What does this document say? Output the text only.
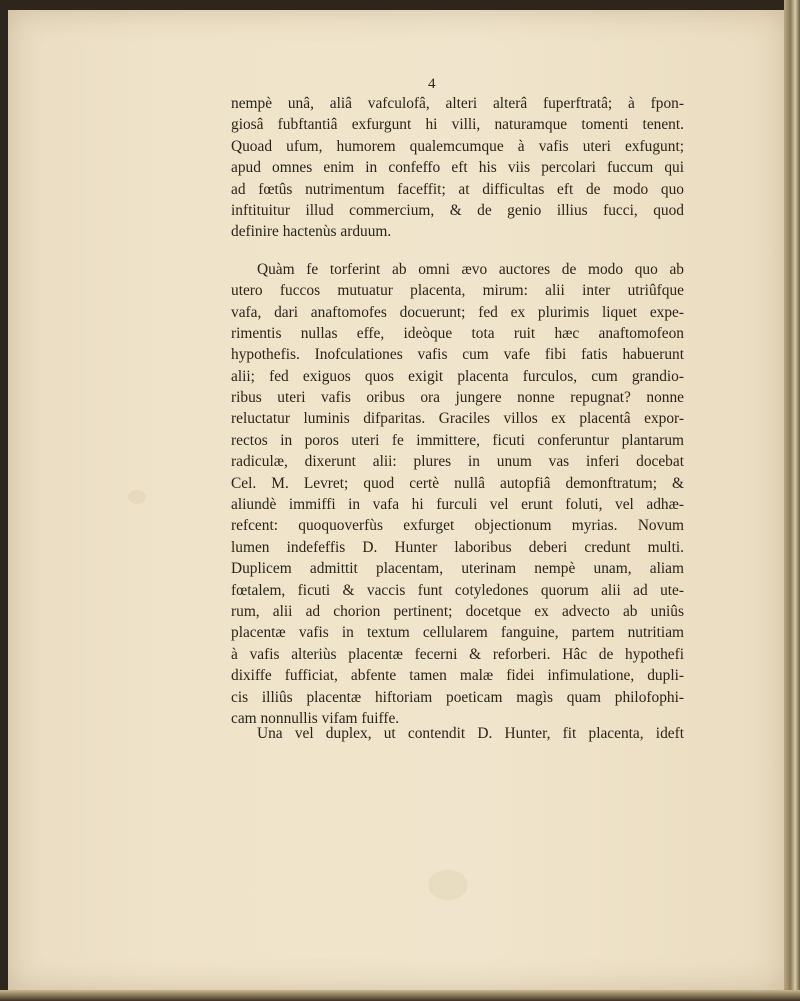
4
nempè unâ, aliâ vafculofâ, alteri alterâ fuperftratâ; à fpon-
giosâ fubftantiâ exfurgunt hi villi, naturamque tomenti tenent.
Quoad ufum, humorem qualemcumque à vafis uteri exfugunt;
apud omnes enim in confeffo eft his viis percolari fuccum qui
ad fœtûs nutrimentum faceffit; at difficultas eft de modo quo
inftituitur illud commercium, & de genio illius fucci, quod
definire hactenùs arduum.
Quàm fe torferint ab omni ævo auctores de modo quo ab
utero fuccos mutuatur placenta, mirum: alii inter utriûfque
vafa, dari anaftomofes docuerunt; fed ex plurimis liquet expe-
rimentis nullas effe, ideòque tota ruit hæc anaftomofeon
hypothefis. Inofculationes vafis cum vafe fibi fatis habuerunt
alii; fed exiguos quos exigit placenta furculos, cum grandio-
ribus uteri vafis oribus ora jungere nonne repugnat? nonne
reluctatur luminis difparitas. Graciles villos ex placentâ expor-
rectos in poros uteri fe immittere, ficuti conferuntur plantarum
radiculæ, dixerunt alii: plures in unum vas inferi docebat
Cel. M. Levret; quod certè nullâ autopfiâ demonftratum; &
aliundè immiffi in vafa hi furculi vel erunt foluti, vel adhæ-
refcent: quoquoverfùs exfurget objectionum myrias. Novum
lumen indefeffis D. Hunter laboribus deberi credunt multi.
Duplicem admittit placentam, uterinam nempè unam, aliam
fœtalem, ficuti & vaccis funt cotyledones quorum alii ad ute-
rum, alii ad chorion pertinent; docetque ex advecto ab uniûs
placentæ vafis in textum cellularem fanguine, partem nutritiam
à vafis alteriùs placentæ fecerni & reforberi. Hâc de hypothefi
dixiffe fufficiat, abfente tamen malæ fidei infimulatione, dupli-
cis illiûs placentæ hiftoriam poeticam magìs quam philofophi-
cam nonnullis vifam fuiffe.
Una vel duplex, ut contendit D. Hunter, fit placenta, ideft
